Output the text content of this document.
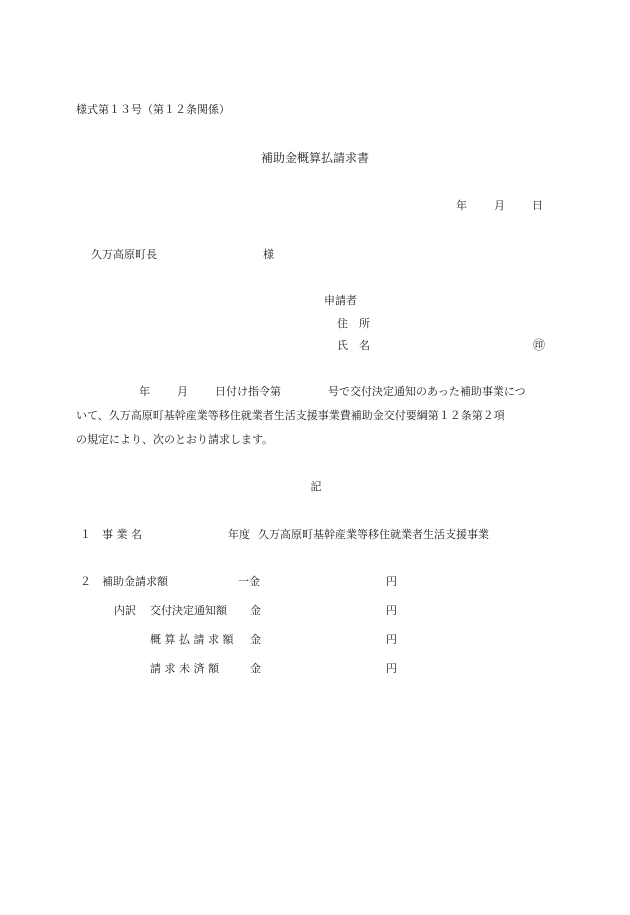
様式第１３号（第１２条関係）
補助金概算払請求書
年 月 日
久万高原町長	様
申請者
住　所
氏　名	㊞
年 月 日付け指令第	号で交付決定通知のあった補助事業につ
いて、久万高原町基幹産業等移住就業者生活支援事業費補助金交付要綱第１２条第２項
の規定により、次のとおり請求します。
記
１ 事 業 名	年度 久万高原町基幹産業等移住就業者生活支援事業
２ 補助金請求額	一金	円
内訳 交付決定通知額 金	円
概 算 払 請 求 額 金	円
請 求 未 済 額	金	円
